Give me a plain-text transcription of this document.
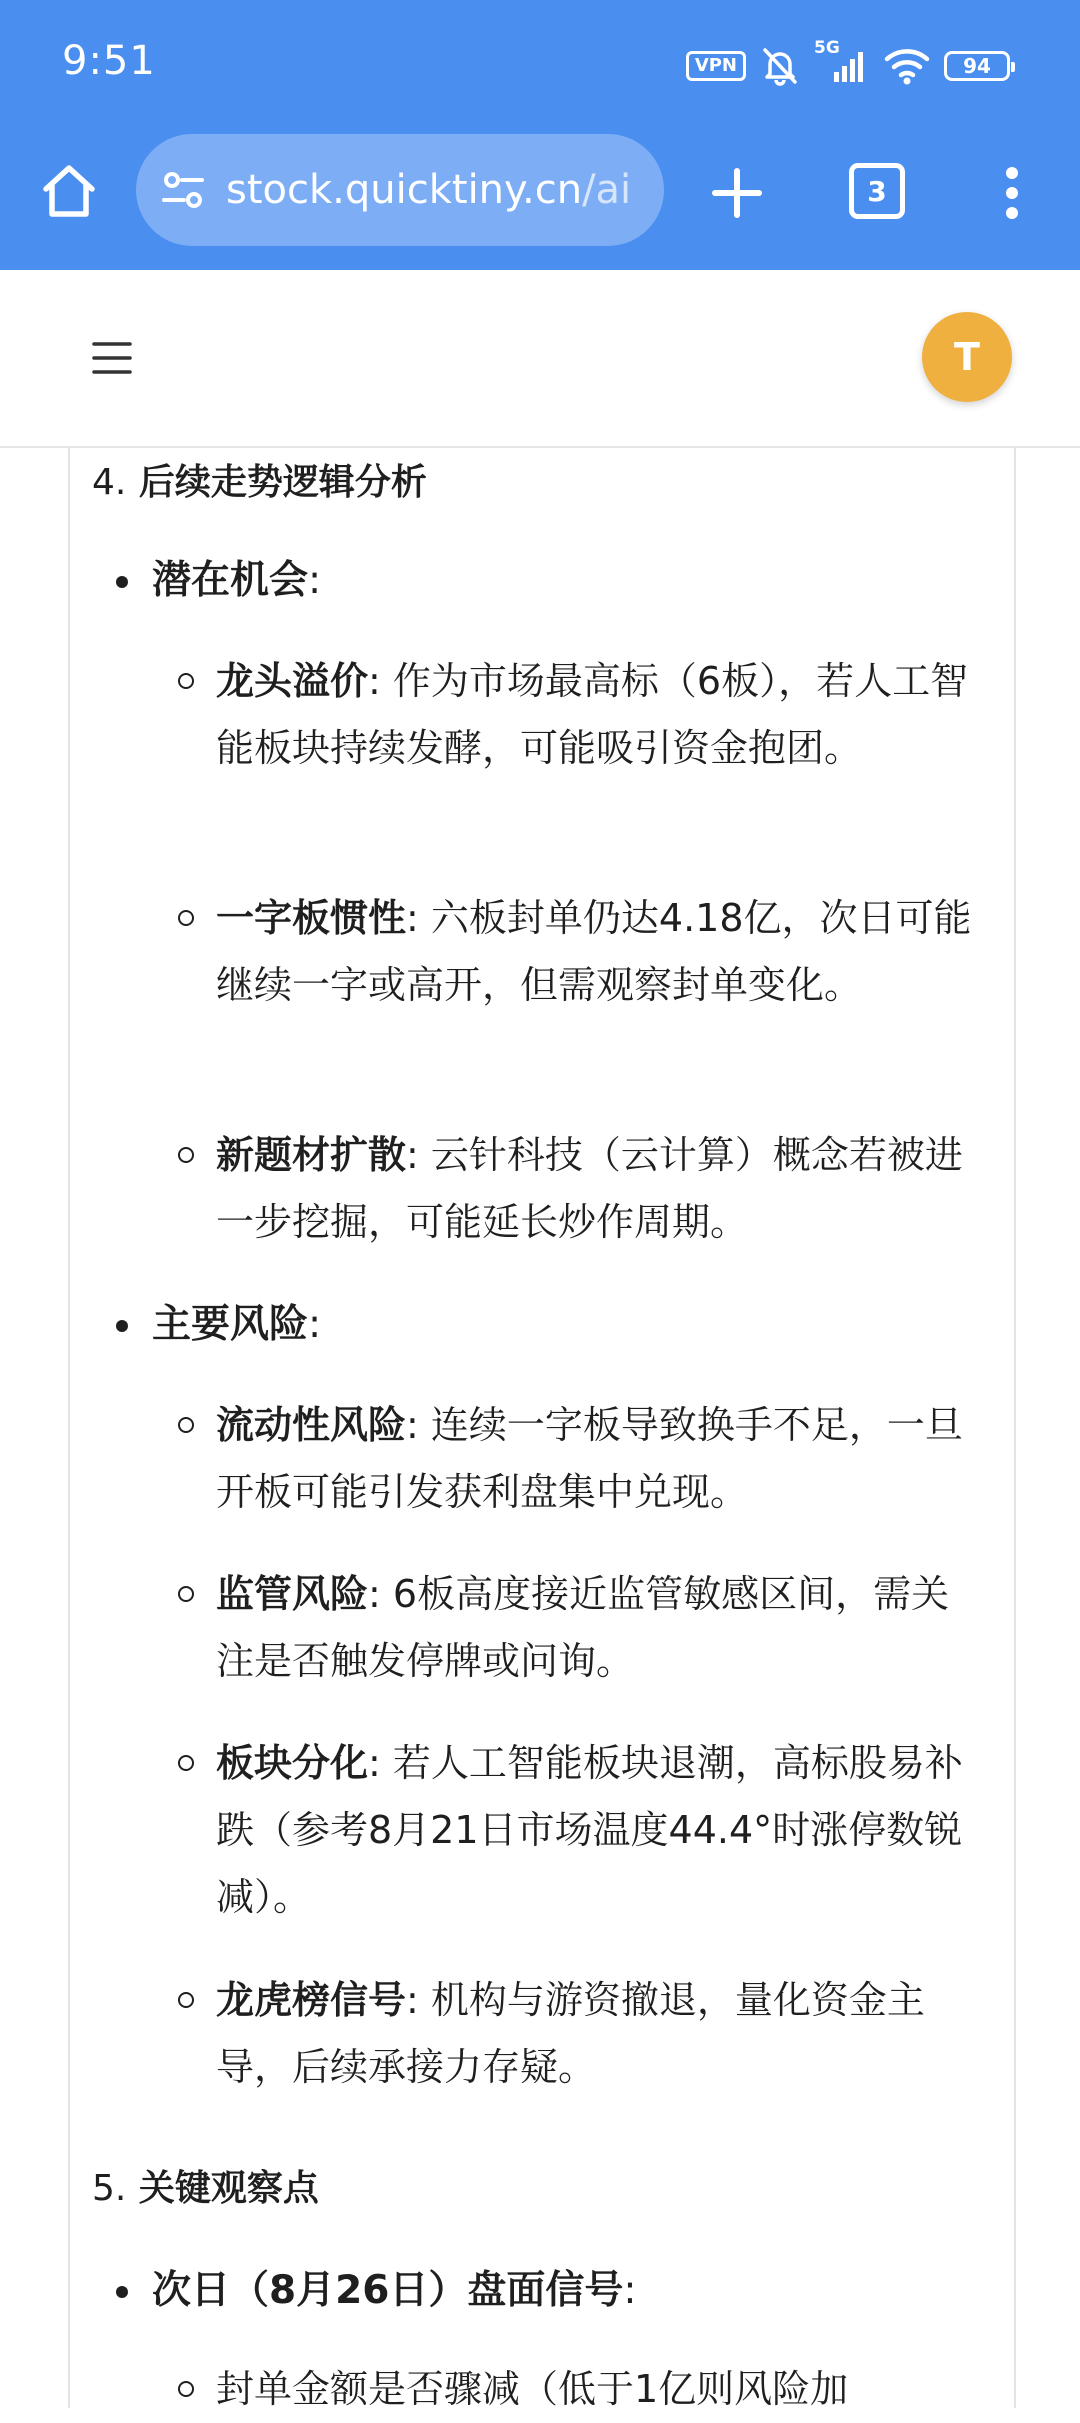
9:51	VPN
5G
94
stock.quicktiny.cn/ai	3
T
4. 后续走势逻辑分析
潜在机会:
龙头溢价: 作为市场最高标（6板），若人工智能板块持续发酵，可能吸引资金抱团。
一字板惯性: 六板封单仍达4.18亿，次日可能继续一字或高开，但需观察封单变化。
新题材扩散: 云针科技（云计算）概念若被进一步挖掘，可能延长炒作周期。
主要风险:
流动性风险: 连续一字板导致换手不足，一旦开板可能引发获利盘集中兑现。
监管风险: 6板高度接近监管敏感区间，需关注是否触发停牌或问询。
板块分化: 若人工智能板块退潮，高标股易补跌（参考8月21日市场温度44.4°时涨停数锐减）。
龙虎榜信号: 机构与游资撤退，量化资金主导，后续承接力存疑。
5. 关键观察点
次日（8月26日）盘面信号:
封单金额是否骤减（低于1亿则风险加
